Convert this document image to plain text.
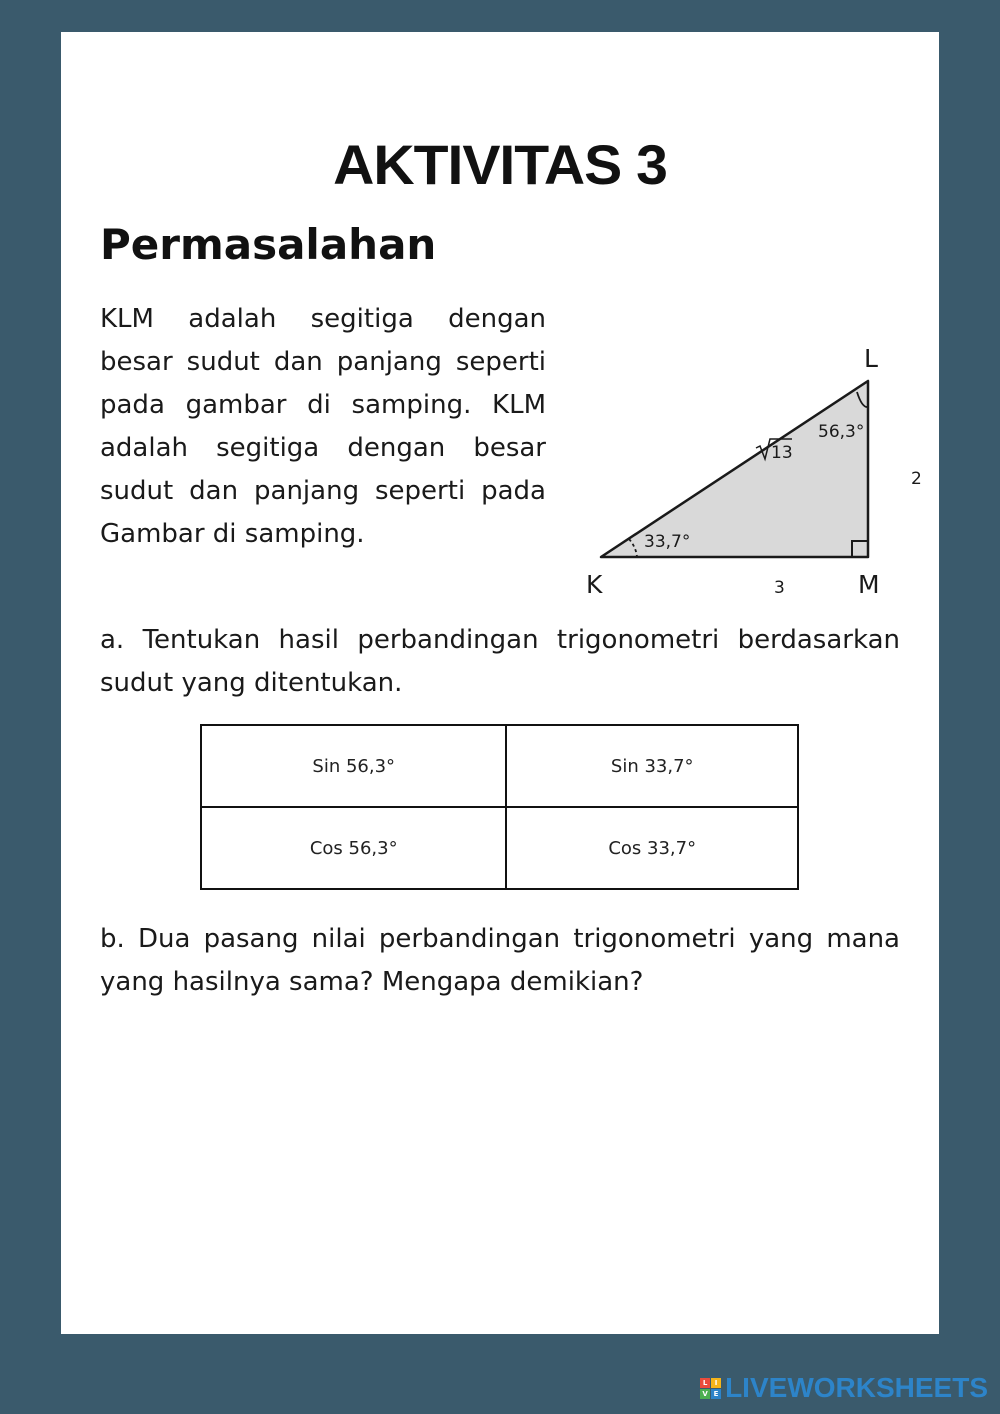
AKTIVITAS 3
Permasalahan

KLM adalah segitiga dengan besar sudut dan panjang seperti pada gambar di samping. KLM adalah segitiga dengan besar sudut dan panjang seperti pada Gambar di samping.

L
K	M
13
2
3
56,3°
33,7°

a. Tentukan hasil perbandingan trigonometri berdasarkan sudut yang ditentukan.

Sin 56,3°	Sin 33,7°
Cos 56,3°	Cos 33,7°

b. Dua pasang nilai perbandingan trigonometri yang mana yang hasilnya sama? Mengapa demikian?

L	I
V E LIVEWORKSHEETS
